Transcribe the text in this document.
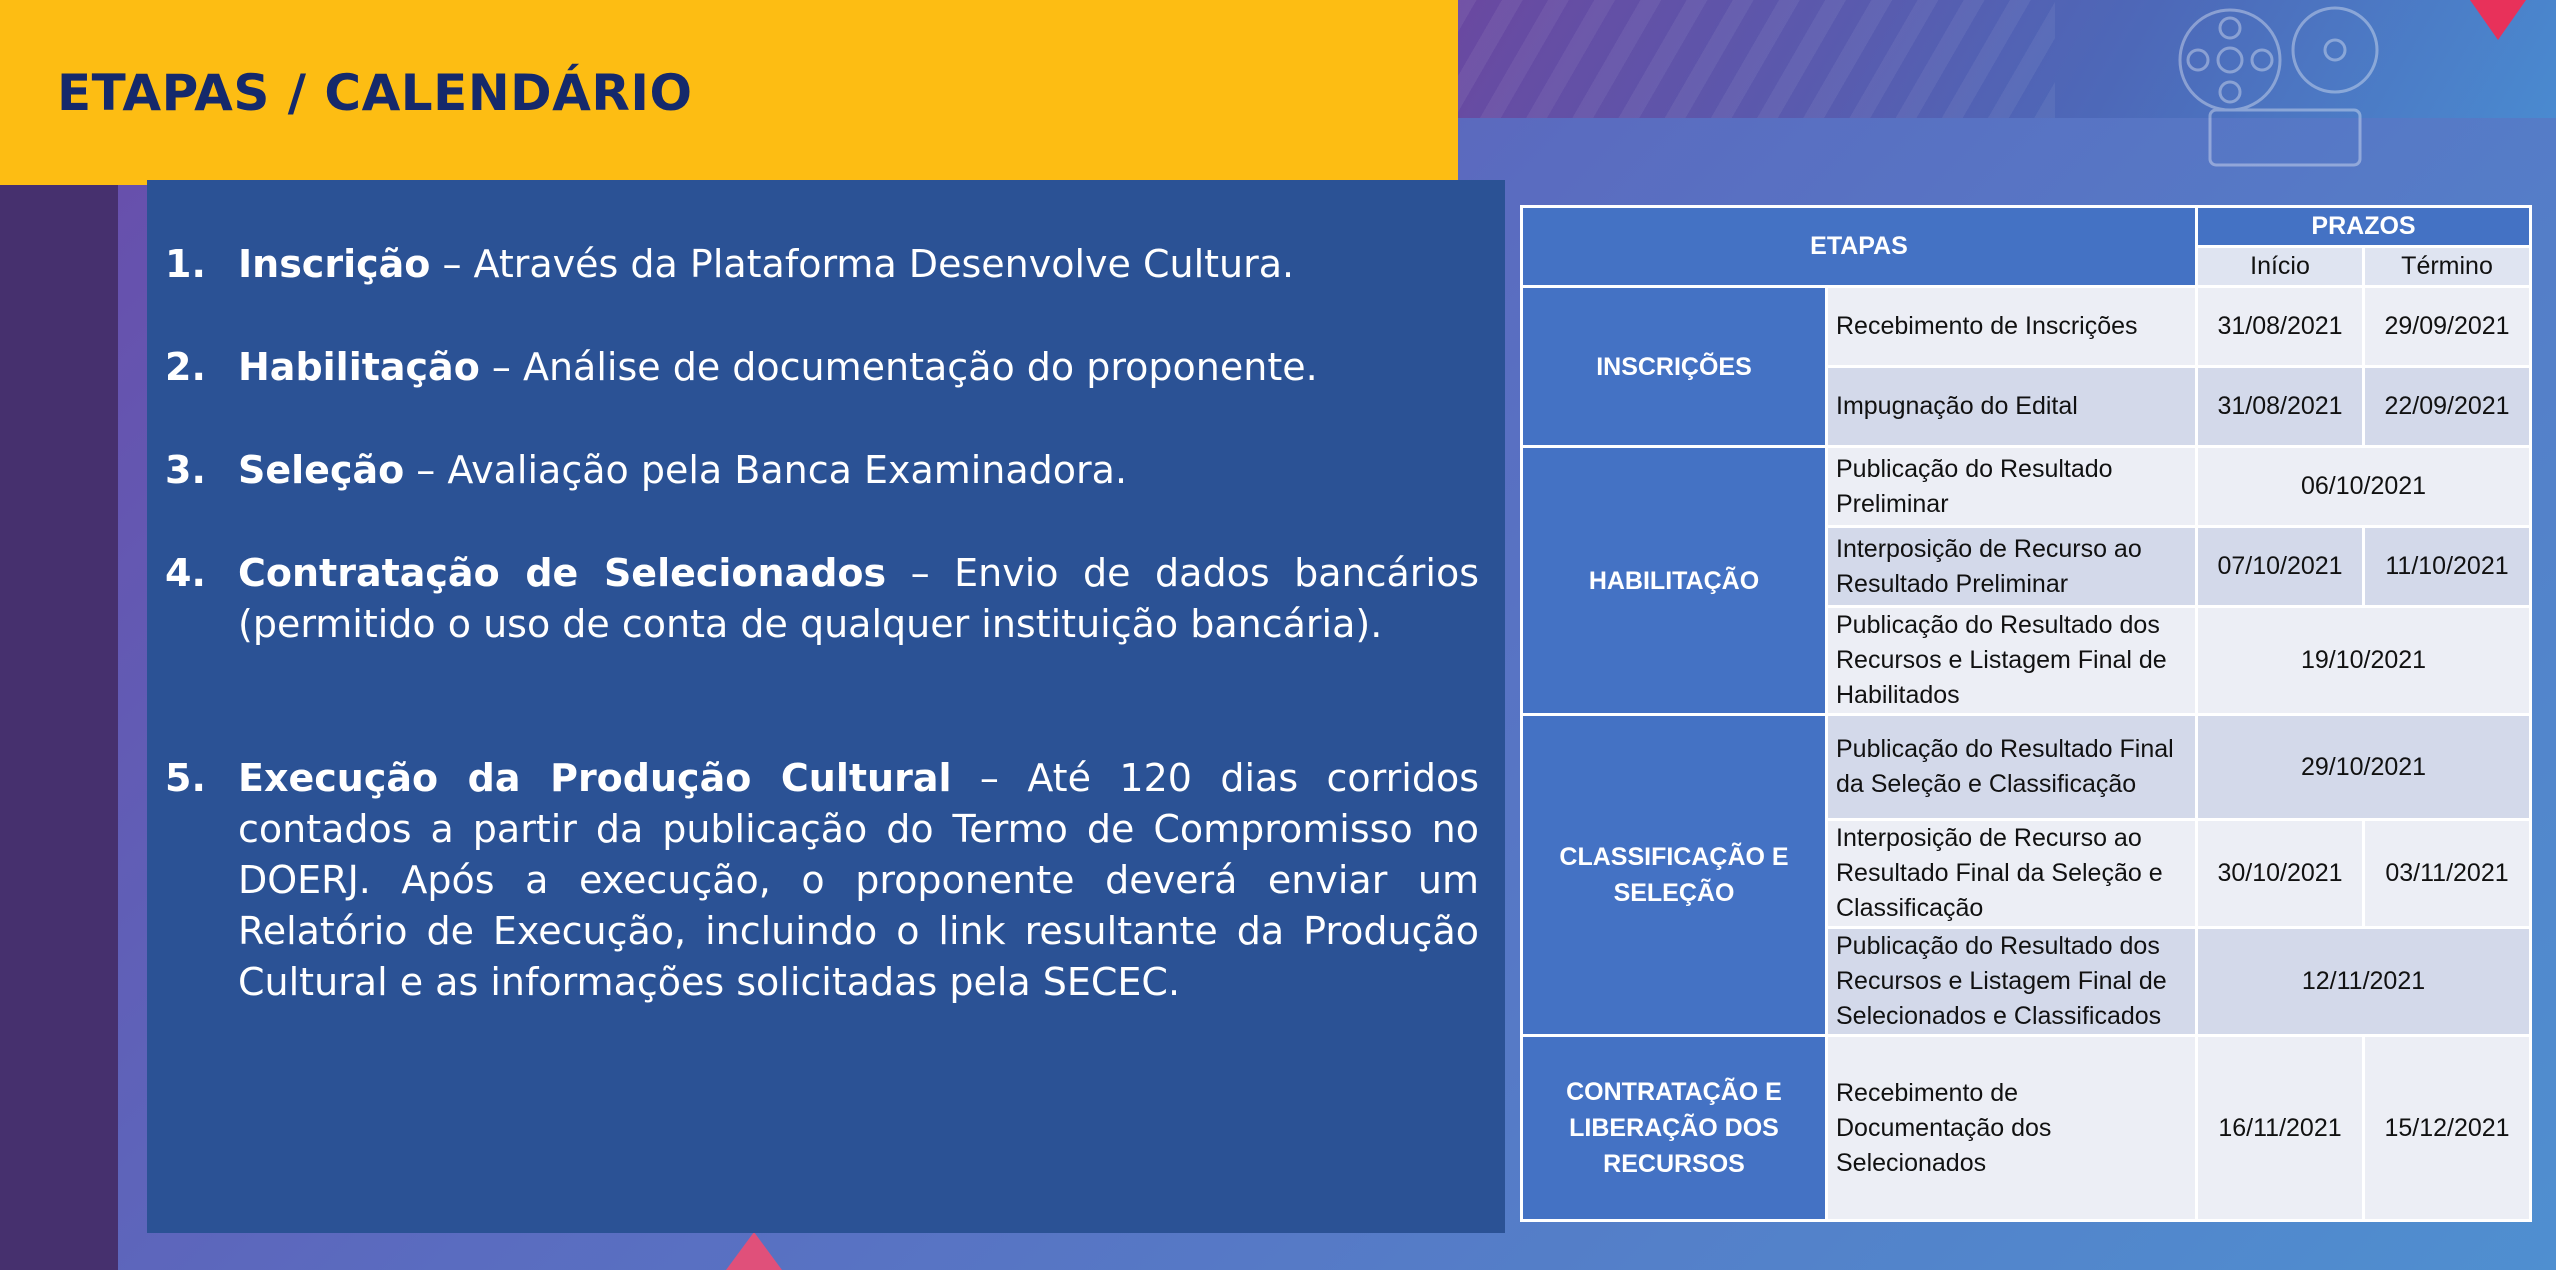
ETAPAS / CALENDÁRIO
1. Inscrição – Através da Plataforma Desenvolve Cultura.
2. Habilitação – Análise de documentação do proponente.
3. Seleção – Avaliação pela Banca Examinadora.
4. Contratação de Selecionados – Envio de dados bancários (permitido o uso de conta de qualquer instituição bancária).
5. Execução da Produção Cultural – Até 120 dias corridos contados a partir da publicação do Termo de Compromisso no DOERJ. Após a execução, o proponente deverá enviar um Relatório de Execução, incluindo o link resultante da Produção Cultural e as informações solicitadas pela SECEC.
ETAPAS		PRAZOS	
		Início	Término
INSCRIÇÕES	Recebimento de Inscrições	31/08/2021	29/09/2021
	Impugnação do Edital	31/08/2021	22/09/2021
HABILITAÇÃO	Publicação do Resultado Preliminar	06/10/2021	
	Interposição de Recurso ao Resultado Preliminar	07/10/2021	11/10/2021
	Publicação do Resultado dos Recursos e Listagem Final de Habilitados	19/10/2021	
CLASSIFICAÇÃO E SELEÇÃO	Publicação do Resultado Final da Seleção e Classificação	29/10/2021	
	Interposição de Recurso ao Resultado Final da Seleção e Classificação	30/10/2021	03/11/2021
	Publicação do Resultado dos Recursos e Listagem Final de Selecionados e Classificados	12/11/2021	
CONTRATAÇÃO E LIBERAÇÃO DOS RECURSOS	Recebimento de Documentação dos Selecionados	16/11/2021	15/12/2021
